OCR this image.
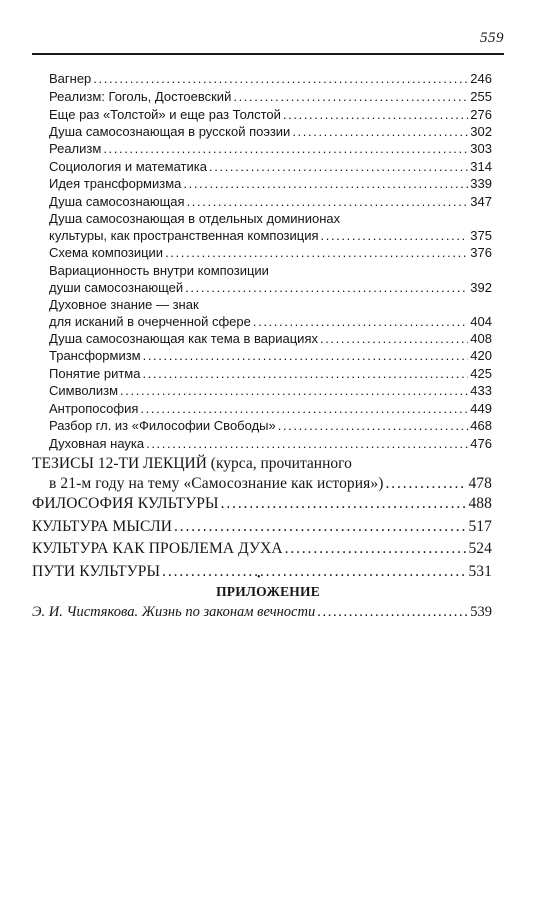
559
Вагнер . . .	246
Реализм: Гоголь, Достоевский . . .	255
Еще раз «Толстой» и еще раз Толстой . . .	276
Душа самосознающая в русской поэзии . . .	302
Реализм . . .	303
Социология и математика . . .	314
Идея трансформизма . . .	339
Душа самосознающая . . .	347
Душа самосознающая в отдельных доминионах
культуры, как пространственная композиция . . .	375
Схема композиции . . .	376
Вариационность внутри композиции
души самосознающей . . .	392
Духовное знание — знак
для исканий в очерченной сфере . . .	404
Душа самосознающая как тема в вариациях . . .	408
Трансформизм . . .	420
Понятие ритма . . .	425
Символизм . . .	433
Антропософия . . .	449
Разбор гл. из «Философии Свободы» . . .	468
Духовная наука . . .	476
ТЕЗИСЫ 12-ТИ ЛЕКЦИЙ (курса, прочитанного
в 21-м году на тему «Самосознание как история») . . .	478
ФИЛОСОФИЯ КУЛЬТУРЫ . . .	488
КУЛЬТУРА МЫСЛИ . . .	517
КУЛЬТУРА КАК ПРОБЛЕМА ДУХА . . .	524
ПУТИ КУЛЬТУРЫ . . .	531
•
ПРИЛОЖЕНИЕ
Э. И. Чистякова. Жизнь по законам вечности . . .	539
